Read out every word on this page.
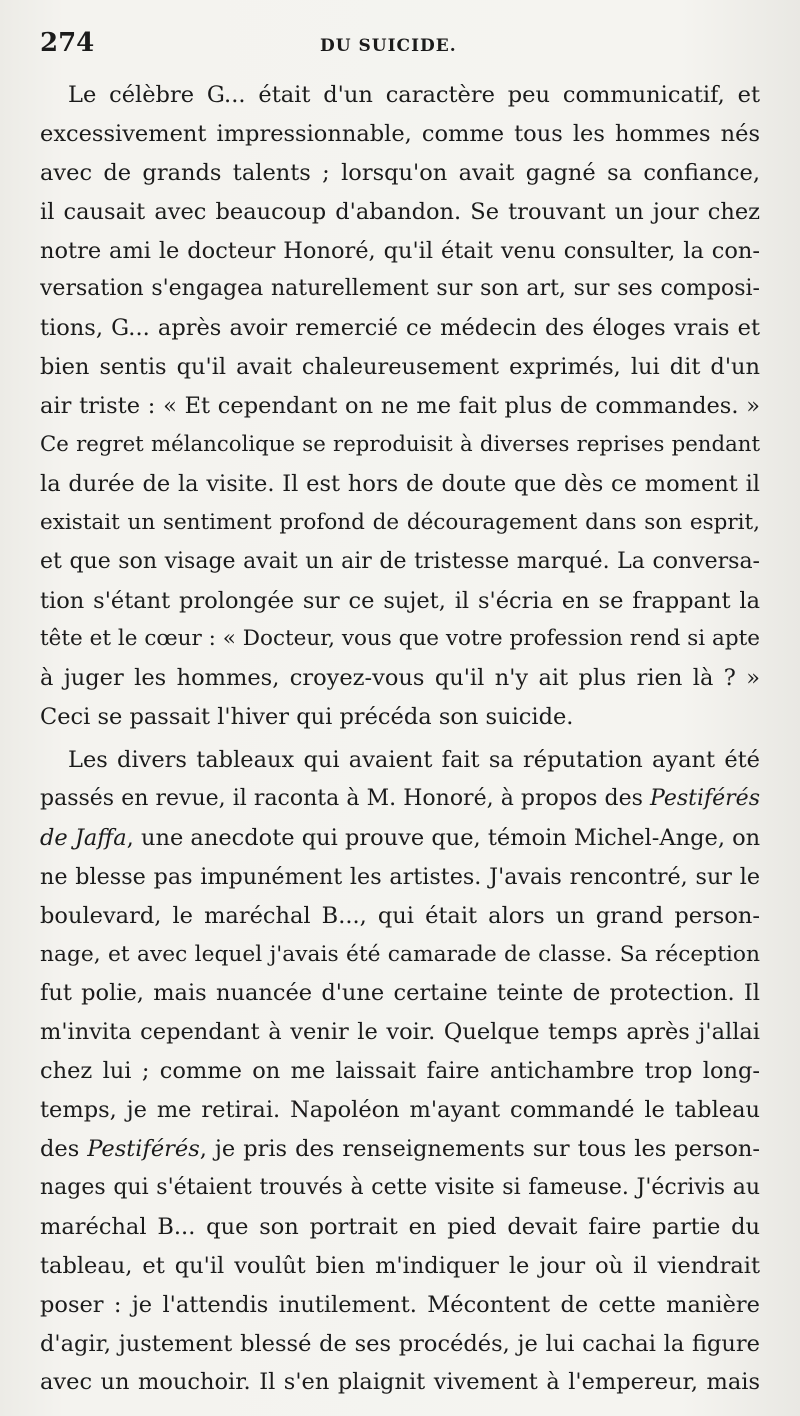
274	DU SUICIDE.
Le célèbre G... était d'un caractère peu communicatif, et
excessivement impressionnable, comme tous les hommes nés
avec de grands talents ; lorsqu'on avait gagné sa confiance,
il causait avec beaucoup d'abandon. Se trouvant un jour chez
notre ami le docteur Honoré, qu'il était venu consulter, la con-
versation s'engagea naturellement sur son art, sur ses composi-
tions, G... après avoir remercié ce médecin des éloges vrais et
bien sentis qu'il avait chaleureusement exprimés, lui dit d'un
air triste : « Et cependant on ne me fait plus de commandes. »
Ce regret mélancolique se reproduisit à diverses reprises pendant
la durée de la visite. Il est hors de doute que dès ce moment il
existait un sentiment profond de découragement dans son esprit,
et que son visage avait un air de tristesse marqué. La conversa-
tion s'étant prolongée sur ce sujet, il s'écria en se frappant la
tête et le cœur : « Docteur, vous que votre profession rend si apte
à juger les hommes, croyez-vous qu'il n'y ait plus rien là ? »
Ceci se passait l'hiver qui précéda son suicide.
Les divers tableaux qui avaient fait sa réputation ayant été
passés en revue, il raconta à M. Honoré, à propos des Pestiférés
de Jaffa, une anecdote qui prouve que, témoin Michel-Ange, on
ne blesse pas impunément les artistes. J'avais rencontré, sur le
boulevard, le maréchal B..., qui était alors un grand person-
nage, et avec lequel j'avais été camarade de classe. Sa réception
fut polie, mais nuancée d'une certaine teinte de protection. Il
m'invita cependant à venir le voir. Quelque temps après j'allai
chez lui ; comme on me laissait faire antichambre trop long-
temps, je me retirai. Napoléon m'ayant commandé le tableau
des Pestiférés, je pris des renseignements sur tous les person-
nages qui s'étaient trouvés à cette visite si fameuse. J'écrivis au
maréchal B... que son portrait en pied devait faire partie du
tableau, et qu'il voulût bien m'indiquer le jour où il viendrait
poser : je l'attendis inutilement. Mécontent de cette manière
d'agir, justement blessé de ses procédés, je lui cachai la figure
avec un mouchoir. Il s'en plaignit vivement à l'empereur, mais
